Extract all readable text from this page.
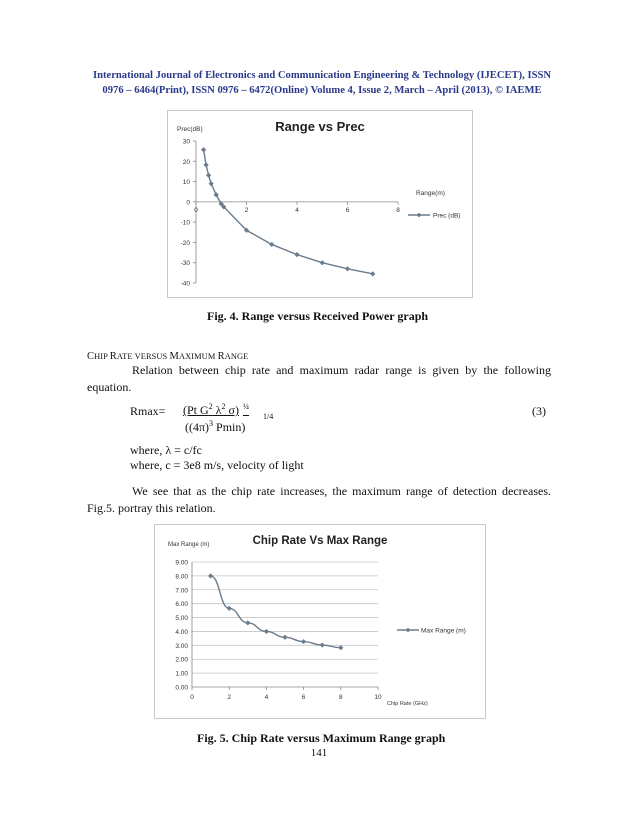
International Journal of Electronics and Communication Engineering & Technology (IJECET), ISSN
0976 – 6464(Print), ISSN 0976 – 6472(Online) Volume 4, Issue 2, March – April (2013), © IAEME
Range vs Prec
Prec(dB)
Range(m)
30
20
10
0
-10
-20
-30
-40
0	2	4	6	8
Prec (dB)
Fig. 4. Range versus Received Power graph
CHIP RATE VERSUS MAXIMUM RANGE
Relation between chip rate and maximum radar range is given by the following equation.
Rmax= (Pt $G^2$ $\lambda^2$ σ) $^{\frac{1}{4}}$
($(4\pi)^3$ Pmin)
1/4	(3)
where, λ = c/fc
where, c = 3e8 m/s, velocity of light
We see that as the chip rate increases, the maximum range of detection decreases. Fig.5. portray this relation.
Chip Rate Vs Max Range
Max Range (m)
Chip Rate (GHz)
9.00
8.00
7.00
6.00
5.00
4.00
3.00
2.00
1.00
0.00
0	2	4	6	8	10
Max Range (m)
Fig. 5. Chip Rate versus Maximum Range graph
141
